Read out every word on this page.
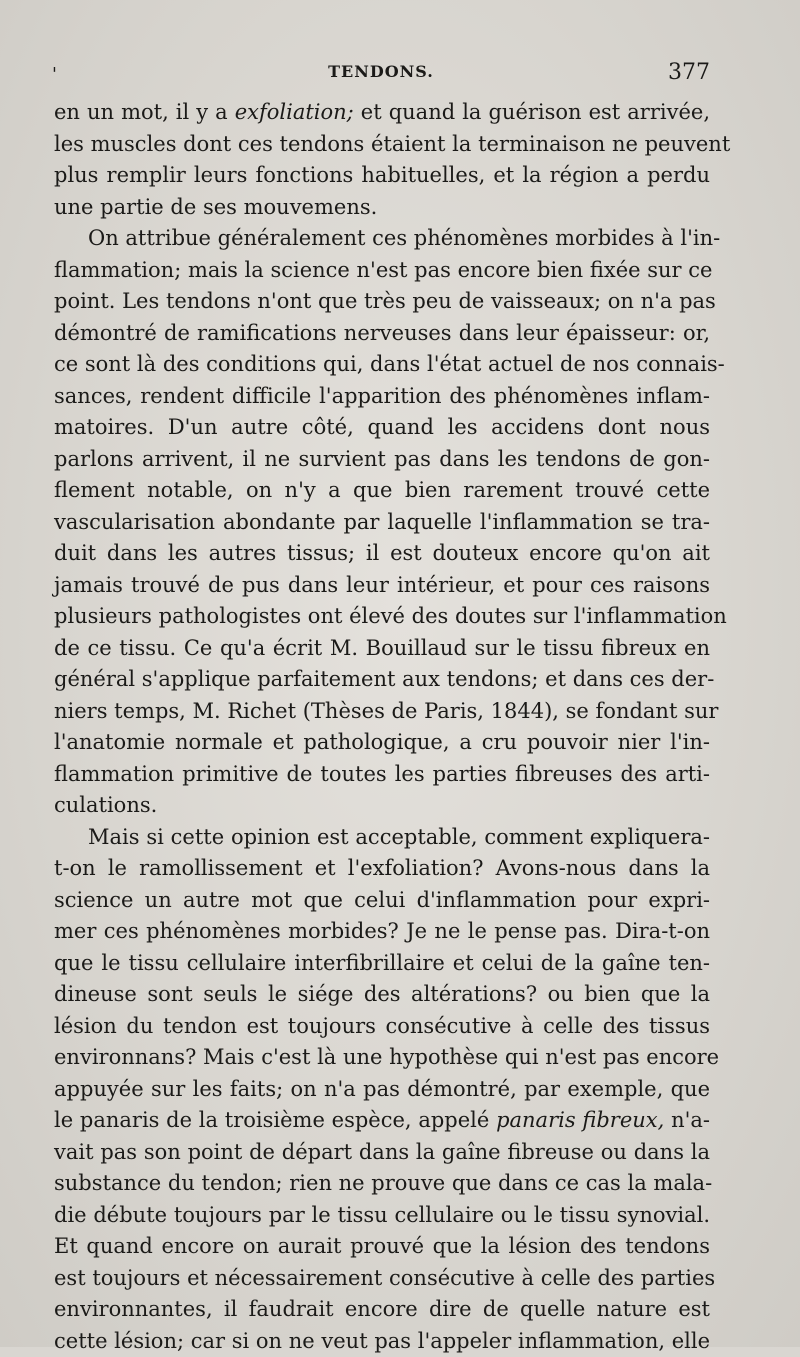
'	TENDONS.	377
en un mot, il y a exfoliation; et quand la guérison est arrivée,
les muscles dont ces tendons étaient la terminaison ne peuvent
plus remplir leurs fonctions habituelles, et la région a perdu
une partie de ses mouvemens.
On attribue généralement ces phénomènes morbides à l'in-
flammation; mais la science n'est pas encore bien fixée sur ce
point. Les tendons n'ont que très peu de vaisseaux; on n'a pas
démontré de ramifications nerveuses dans leur épaisseur: or,
ce sont là des conditions qui, dans l'état actuel de nos connais-
sances, rendent difficile l'apparition des phénomènes inflam-
matoires. D'un autre côté, quand les accidens dont nous
parlons arrivent, il ne survient pas dans les tendons de gon-
flement notable, on n'y a que bien rarement trouvé cette
vascularisation abondante par laquelle l'inflammation se tra-
duit dans les autres tissus; il est douteux encore qu'on ait
jamais trouvé de pus dans leur intérieur, et pour ces raisons
plusieurs pathologistes ont élevé des doutes sur l'inflammation
de ce tissu. Ce qu'a écrit M. Bouillaud sur le tissu fibreux en
général s'applique parfaitement aux tendons; et dans ces der-
niers temps, M. Richet (Thèses de Paris, 1844), se fondant sur
l'anatomie normale et pathologique, a cru pouvoir nier l'in-
flammation primitive de toutes les parties fibreuses des arti-
culations.
Mais si cette opinion est acceptable, comment expliquera-
t-on le ramollissement et l'exfoliation? Avons-nous dans la
science un autre mot que celui d'inflammation pour expri-
mer ces phénomènes morbides? Je ne le pense pas. Dira-t-on
que le tissu cellulaire interfibrillaire et celui de la gaîne ten-
dineuse sont seuls le siége des altérations? ou bien que la
lésion du tendon est toujours consécutive à celle des tissus
environnans? Mais c'est là une hypothèse qui n'est pas encore
appuyée sur les faits; on n'a pas démontré, par exemple, que
le panaris de la troisième espèce, appelé panaris fibreux, n'a-
vait pas son point de départ dans la gaîne fibreuse ou dans la
substance du tendon; rien ne prouve que dans ce cas la mala-
die débute toujours par le tissu cellulaire ou le tissu synovial.
Et quand encore on aurait prouvé que la lésion des tendons
est toujours et nécessairement consécutive à celle des parties
environnantes, il faudrait encore dire de quelle nature est
cette lésion; car si on ne veut pas l'appeler inflammation, elle
